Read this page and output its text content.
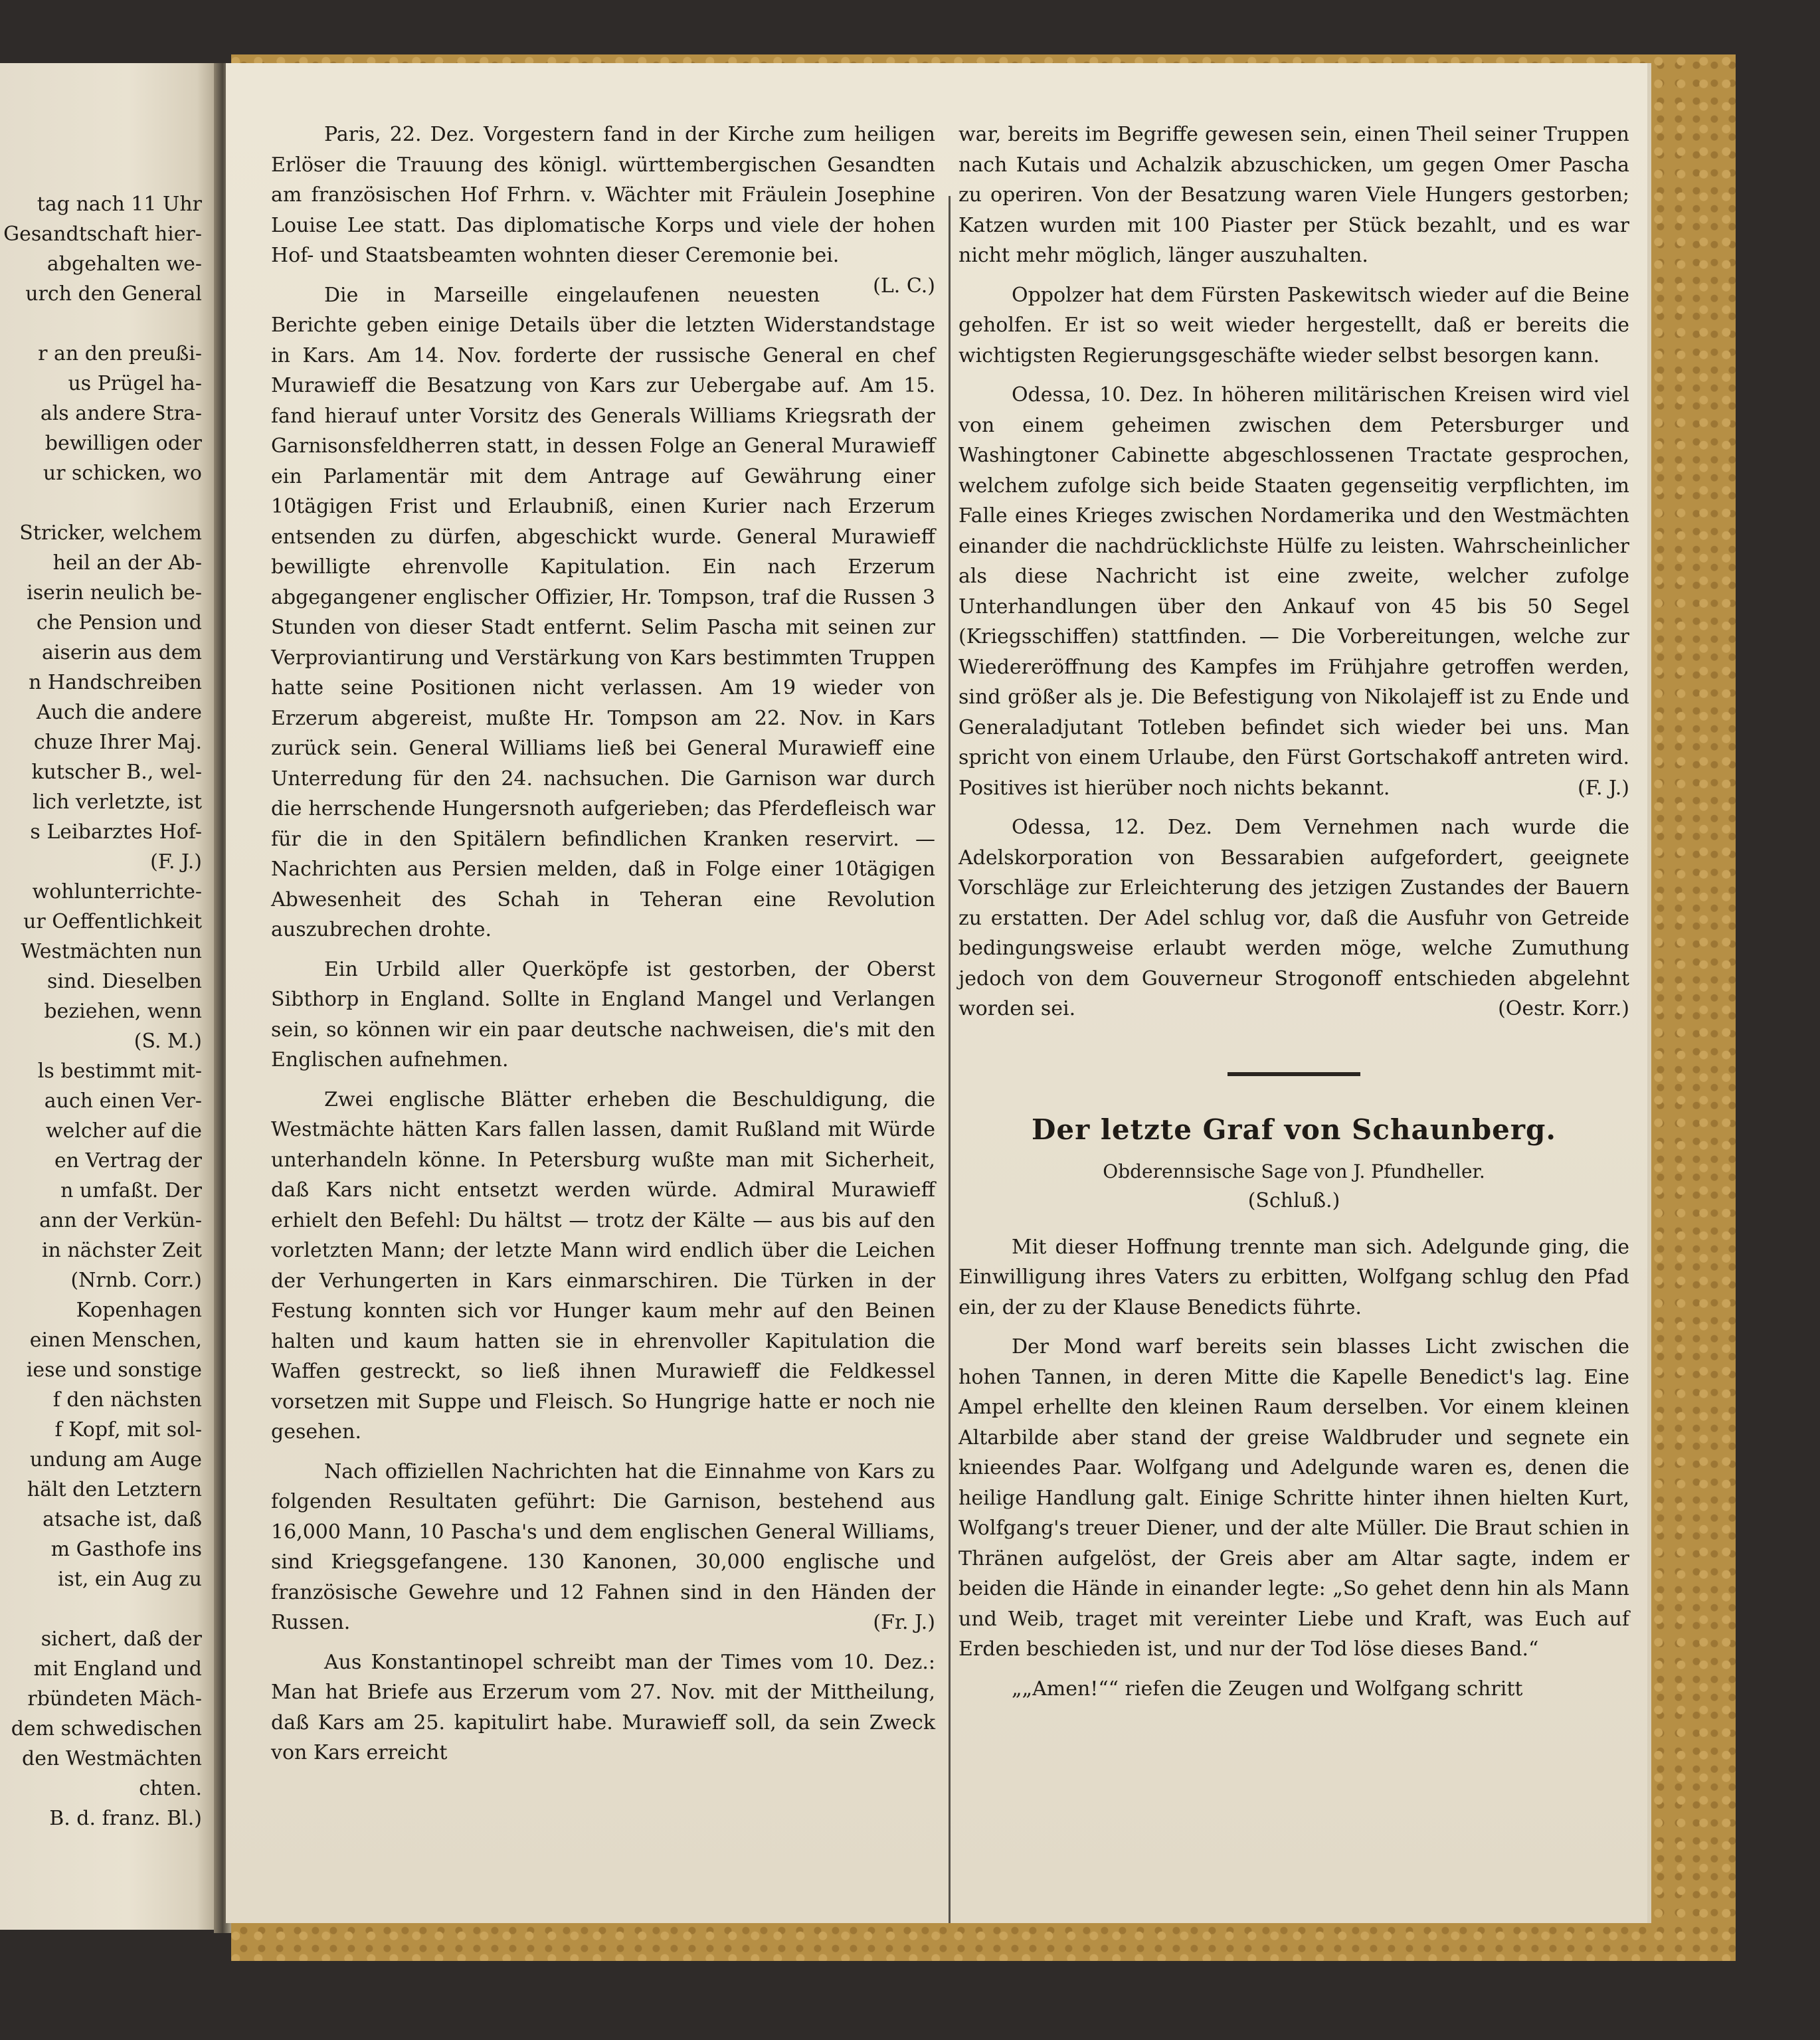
tag nach 11 Uhr

Gesandtschaft hier-

abgehalten we-

urch den General

r an den preußi-

us Prügel ha-

als andere Stra-

bewilligen oder

ur schicken, wo

Stricker, welchem

heil an der Ab-

iserin neulich be-

che Pension und

aiserin aus dem

n Handschreiben

Auch die andere

chuze Ihrer Maj.

kutscher B., wel-

lich verletzte, ist

s Leibarztes Hof-

(F. J.)

wohlunterrichte-

ur Oeffentlichkeit

Westmächten nun

sind. Dieselben

beziehen, wenn

(S. M.)

ls bestimmt mit-

auch einen Ver-

welcher auf die

en Vertrag der

n umfaßt. Der

ann der Verkün-

in nächster Zeit

(Nrnb. Corr.)

Kopenhagen

einen Menschen,

iese und sonstige

f den nächsten

f Kopf, mit sol-

undung am Auge

hält den Letztern

atsache ist, daß

m Gasthofe ins

ist, ein Aug zu

sichert, daß der

mit England und

rbündeten Mäch-

dem schwedischen

den Westmächten

chten.

B. d. franz. Bl.)

Paris, 22. Dez. Vorgestern fand in der Kirche zum heiligen Erlöser die Trauung des königl. württembergischen Gesandten am französischen Hof Frhrn. v. Wächter mit Fräulein Josephine Louise Lee statt. Das diplomatische Korps und viele der hohen Hof- und Staatsbeamten wohnten dieser Ceremonie bei.
(L. C.)

Die in Marseille eingelaufenen neuesten Berichte geben einige Details über die letzten Widerstandstage in Kars. Am 14. Nov. forderte der russische General en chef Murawieff die Besatzung von Kars zur Uebergabe auf. Am 15. fand hierauf unter Vorsitz des Generals Williams Kriegsrath der Garnisonsfeldherren statt, in dessen Folge an General Murawieff ein Parlamentär mit dem Antrage auf Gewährung einer 10tägigen Frist und Erlaubniß, einen Kurier nach Erzerum entsenden zu dürfen, abgeschickt wurde. General Murawieff bewilligte ehrenvolle Kapitulation. Ein nach Erzerum abgegangener englischer Offizier, Hr. Tompson, traf die Russen 3 Stunden von dieser Stadt entfernt. Selim Pascha mit seinen zur Verproviantirung und Verstärkung von Kars bestimmten Truppen hatte seine Positionen nicht verlassen. Am 19 wieder von Erzerum abgereist, mußte Hr. Tompson am 22. Nov. in Kars zurück sein. General Williams ließ bei General Murawieff eine Unterredung für den 24. nachsuchen. Die Garnison war durch die herrschende Hungersnoth aufgerieben; das Pferdefleisch war für die in den Spitälern befindlichen Kranken reservirt. — Nachrichten aus Persien melden, daß in Folge einer 10tägigen Abwesenheit des Schah in Teheran eine Revolution auszubrechen drohte.

Ein Urbild aller Querköpfe ist gestorben, der Oberst Sibthorp in England. Sollte in England Mangel und Verlangen sein, so können wir ein paar deutsche nachweisen, die's mit den Englischen aufnehmen.

Zwei englische Blätter erheben die Beschuldigung, die Westmächte hätten Kars fallen lassen, damit Rußland mit Würde unterhandeln könne. In Petersburg wußte man mit Sicherheit, daß Kars nicht entsetzt werden würde. Admiral Murawieff erhielt den Befehl: Du hältst — trotz der Kälte — aus bis auf den vorletzten Mann; der letzte Mann wird endlich über die Leichen der Verhungerten in Kars einmarschiren. Die Türken in der Festung konnten sich vor Hunger kaum mehr auf den Beinen halten und kaum hatten sie in ehrenvoller Kapitulation die Waffen gestreckt, so ließ ihnen Murawieff die Feldkessel vorsetzen mit Suppe und Fleisch. So Hungrige hatte er noch nie gesehen.

Nach offiziellen Nachrichten hat die Einnahme von Kars zu folgenden Resultaten geführt: Die Garnison, bestehend aus 16,000 Mann, 10 Pascha's und dem englischen General Williams, sind Kriegsgefangene. 130 Kanonen, 30,000 englische und französische Gewehre und 12 Fahnen sind in den Händen der Russen.	(Fr. J.)

Aus Konstantinopel schreibt man der Times vom 10. Dez.: Man hat Briefe aus Erzerum vom 27. Nov. mit der Mittheilung, daß Kars am 25. kapitulirt habe. Murawieff soll, da sein Zweck von Kars erreicht

war, bereits im Begriffe gewesen sein, einen Theil seiner Truppen nach Kutais und Achalzik abzuschicken, um gegen Omer Pascha zu operiren. Von der Besatzung waren Viele Hungers gestorben; Katzen wurden mit 100 Piaster per Stück bezahlt, und es war nicht mehr möglich, länger auszuhalten.

Oppolzer hat dem Fürsten Paskewitsch wieder auf die Beine geholfen. Er ist so weit wieder hergestellt, daß er bereits die wichtigsten Regierungsgeschäfte wieder selbst besorgen kann.

Odessa, 10. Dez. In höheren militärischen Kreisen wird viel von einem geheimen zwischen dem Petersburger und Washingtoner Cabinette abgeschlossenen Tractate gesprochen, welchem zufolge sich beide Staaten gegenseitig verpflichten, im Falle eines Krieges zwischen Nordamerika und den Westmächten einander die nachdrücklichste Hülfe zu leisten. Wahrscheinlicher als diese Nachricht ist eine zweite, welcher zufolge Unterhandlungen über den Ankauf von 45 bis 50 Segel (Kriegsschiffen) stattfinden. — Die Vorbereitungen, welche zur Wiedereröffnung des Kampfes im Frühjahre getroffen werden, sind größer als je. Die Befestigung von Nikolajeff ist zu Ende und Generaladjutant Totleben befindet sich wieder bei uns. Man spricht von einem Urlaube, den Fürst Gortschakoff antreten wird. Positives ist hierüber noch nichts bekannt.	(F. J.)

Odessa, 12. Dez. Dem Vernehmen nach wurde die Adelskorporation von Bessarabien aufgefordert, geeignete Vorschläge zur Erleichterung des jetzigen Zustandes der Bauern zu erstatten. Der Adel schlug vor, daß die Ausfuhr von Getreide bedingungsweise erlaubt werden möge, welche Zumuthung jedoch von dem Gouverneur Strogonoff entschieden abgelehnt worden sei.	(Oestr. Korr.)

Der letzte Graf von Schaunberg.
Obderennsische Sage von J. Pfundheller.
(Schluß.)

Mit dieser Hoffnung trennte man sich. Adelgunde ging, die Einwilligung ihres Vaters zu erbitten, Wolfgang schlug den Pfad ein, der zu der Klause Benedicts führte.

Der Mond warf bereits sein blasses Licht zwischen die hohen Tannen, in deren Mitte die Kapelle Benedict's lag. Eine Ampel erhellte den kleinen Raum derselben. Vor einem kleinen Altarbilde aber stand der greise Waldbruder und segnete ein knieendes Paar. Wolfgang und Adelgunde waren es, denen die heilige Handlung galt. Einige Schritte hinter ihnen hielten Kurt, Wolfgang's treuer Diener, und der alte Müller. Die Braut schien in Thränen aufgelöst, der Greis aber am Altar sagte, indem er beiden die Hände in einander legte: „So gehet denn hin als Mann und Weib, traget mit vereinter Liebe und Kraft, was Euch auf Erden beschieden ist, und nur der Tod löse dieses Band.“

„„Amen!““ riefen die Zeugen und Wolfgang schritt
